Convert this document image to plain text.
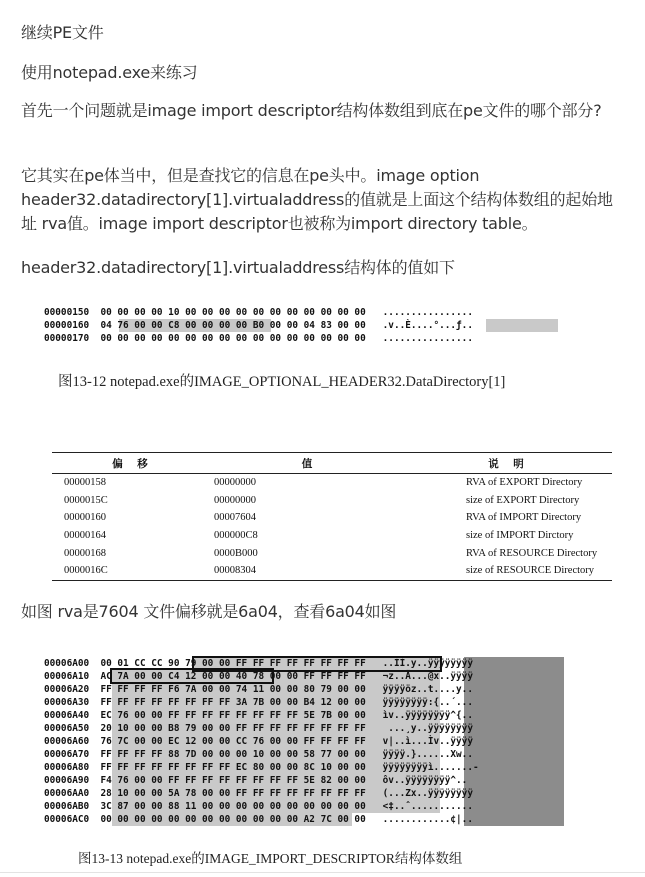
继续PE文件

使用notepad.exe来练习

首先一个问题就是image import descriptor结构体数组到底在pe文件的哪个部分?

它其实在pe体当中，但是查找它的信息在pe头中。image option header32.datadirectory[1].virtualaddress的值就是上面这个结构体数组的起始地址 rva值。image import descriptor也被称为import directory table。

header32.datadirectory[1].virtualaddress结构体的值如下

00000150  00 00 00 00 10 00 00 00 00 00 00 00 00 00 00 00   ................
00000160  04 76 00 00 C8 00 00 00 00 B0 00 00 04 83 00 00   .v..È....°...ƒ..
00000170  00 00 00 00 00 00 00 00 00 00 00 00 00 00 00 00   ................
图13-12 notepad.exe的IMAGE_OPTIONAL_HEADER32.DataDirectory[1]
偏 移	值	说 明
00000158	00000000	RVA of EXPORT Directory
0000015C	00000000	size of EXPORT Directory
00000160	00007604	RVA of IMPORT Directory
00000164	000000C8	size of IMPORT Dirctory
00000168	0000B000	RVA of RESOURCE Directory
0000016C	00008304	size of RESOURCE Directory

如图 rva是7604 文件偏移就是6a04，查看6a04如图

00006A00  00 01 CC CC 90 79 00 00 FF FF FF FF FF FF FF FF   ..ÌÌ.y..ÿÿÿÿÿÿÿÿ
00006A10  AC 7A 00 00 C4 12 00 00 40 78 00 00 FF FF FF FF   ¬z..Ä...@x..ÿÿÿÿ
00006A20  FF FF FF FF F6 7A 00 00 74 11 00 00 80 79 00 00   ÿÿÿÿöz..t....y..
00006A30  FF FF FF FF FF FF FF FF 3A 7B 00 00 B4 12 00 00   ÿÿÿÿÿÿÿÿ:{..´...
00006A40  EC 76 00 00 FF FF FF FF FF FF FF FF 5E 7B 00 00   ìv..ÿÿÿÿÿÿÿÿ^{..
00006A50  20 10 00 00 B8 79 00 00 FF FF FF FF FF FF FF FF    ...¸y..ÿÿÿÿÿÿÿÿ
00006A60  76 7C 00 00 EC 12 00 00 CC 76 00 00 FF FF FF FF   v|..ì...Ìv..ÿÿÿÿ
00006A70  FF FF FF FF 88 7D 00 00 00 10 00 00 58 77 00 00   ÿÿÿÿ.}......Xw..
00006A80  FF FF FF FF FF FF FF FF EC 80 00 00 8C 10 00 00   ÿÿÿÿÿÿÿÿì.......‑
00006A90  F4 76 00 00 FF FF FF FF FF FF FF FF 5E 82 00 00   ôv..ÿÿÿÿÿÿÿÿ^..
00006AA0  28 10 00 00 5A 78 00 00 FF FF FF FF FF FF FF FF   (...Zx..ÿÿÿÿÿÿÿÿ
00006AB0  3C 87 00 00 88 11 00 00 00 00 00 00 00 00 00 00   <‡..ˆ...........
00006AC0  00 00 00 00 00 00 00 00 00 00 00 00 A2 7C 00 00   ............¢|..
图13-13 notepad.exe的IMAGE_IMPORT_DESCRIPTOR结构体数组
